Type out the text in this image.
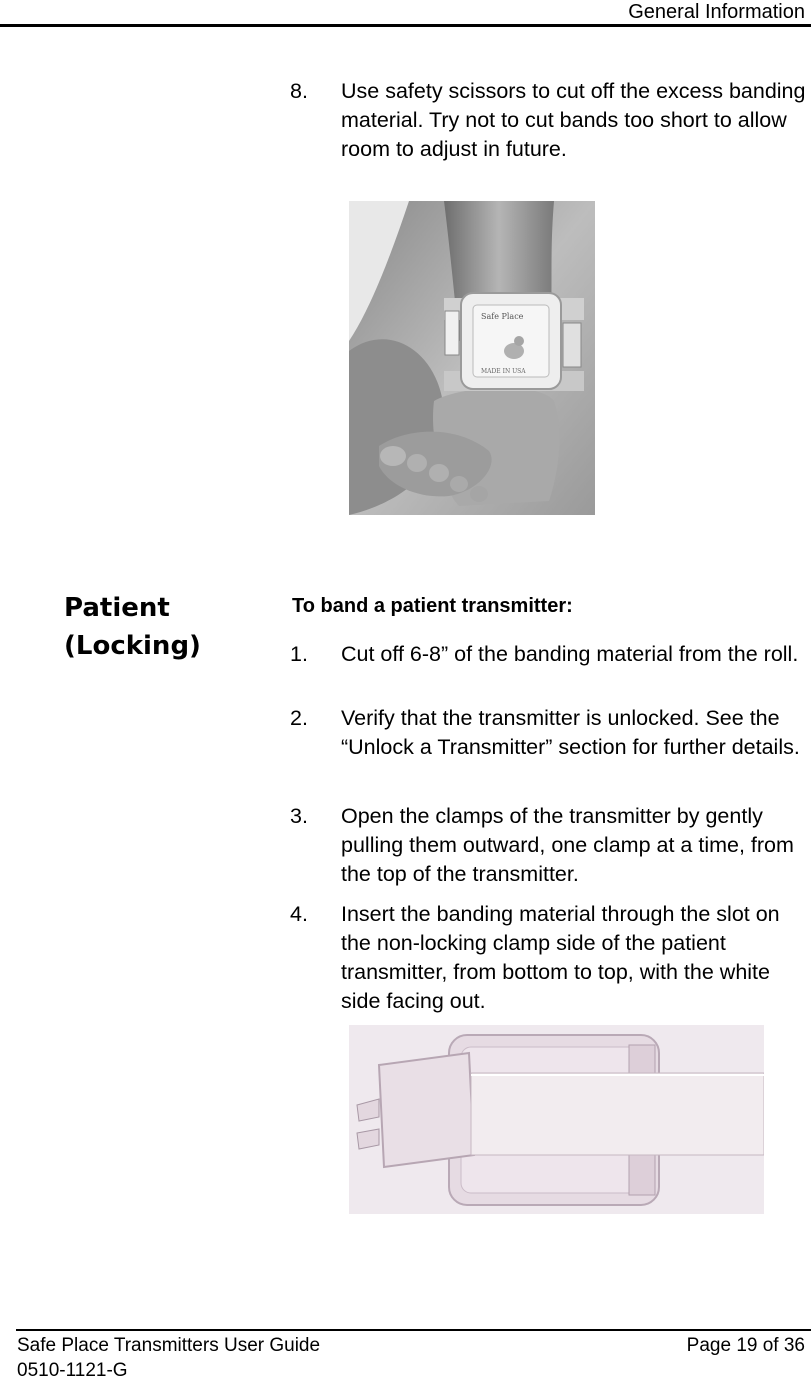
General Information
8. Use safety scissors to cut off the excess banding material. Try not to cut bands too short to allow room to adjust in future.
Safe Place
MADE IN USA
Patient
(Locking)
To band a patient transmitter:
1. Cut off 6-8” of the banding material from the roll.
2. Verify that the transmitter is unlocked. See the “Unlock a Transmitter” section for further details.
3. Open the clamps of the transmitter by gently pulling them outward, one clamp at a time, from the top of the transmitter.
4. Insert the banding material through the slot on the non-locking clamp side of the patient transmitter, from bottom to top, with the white side facing out.
Safe Place Transmitters User Guide
0510-1121-G
Page 19 of 36
